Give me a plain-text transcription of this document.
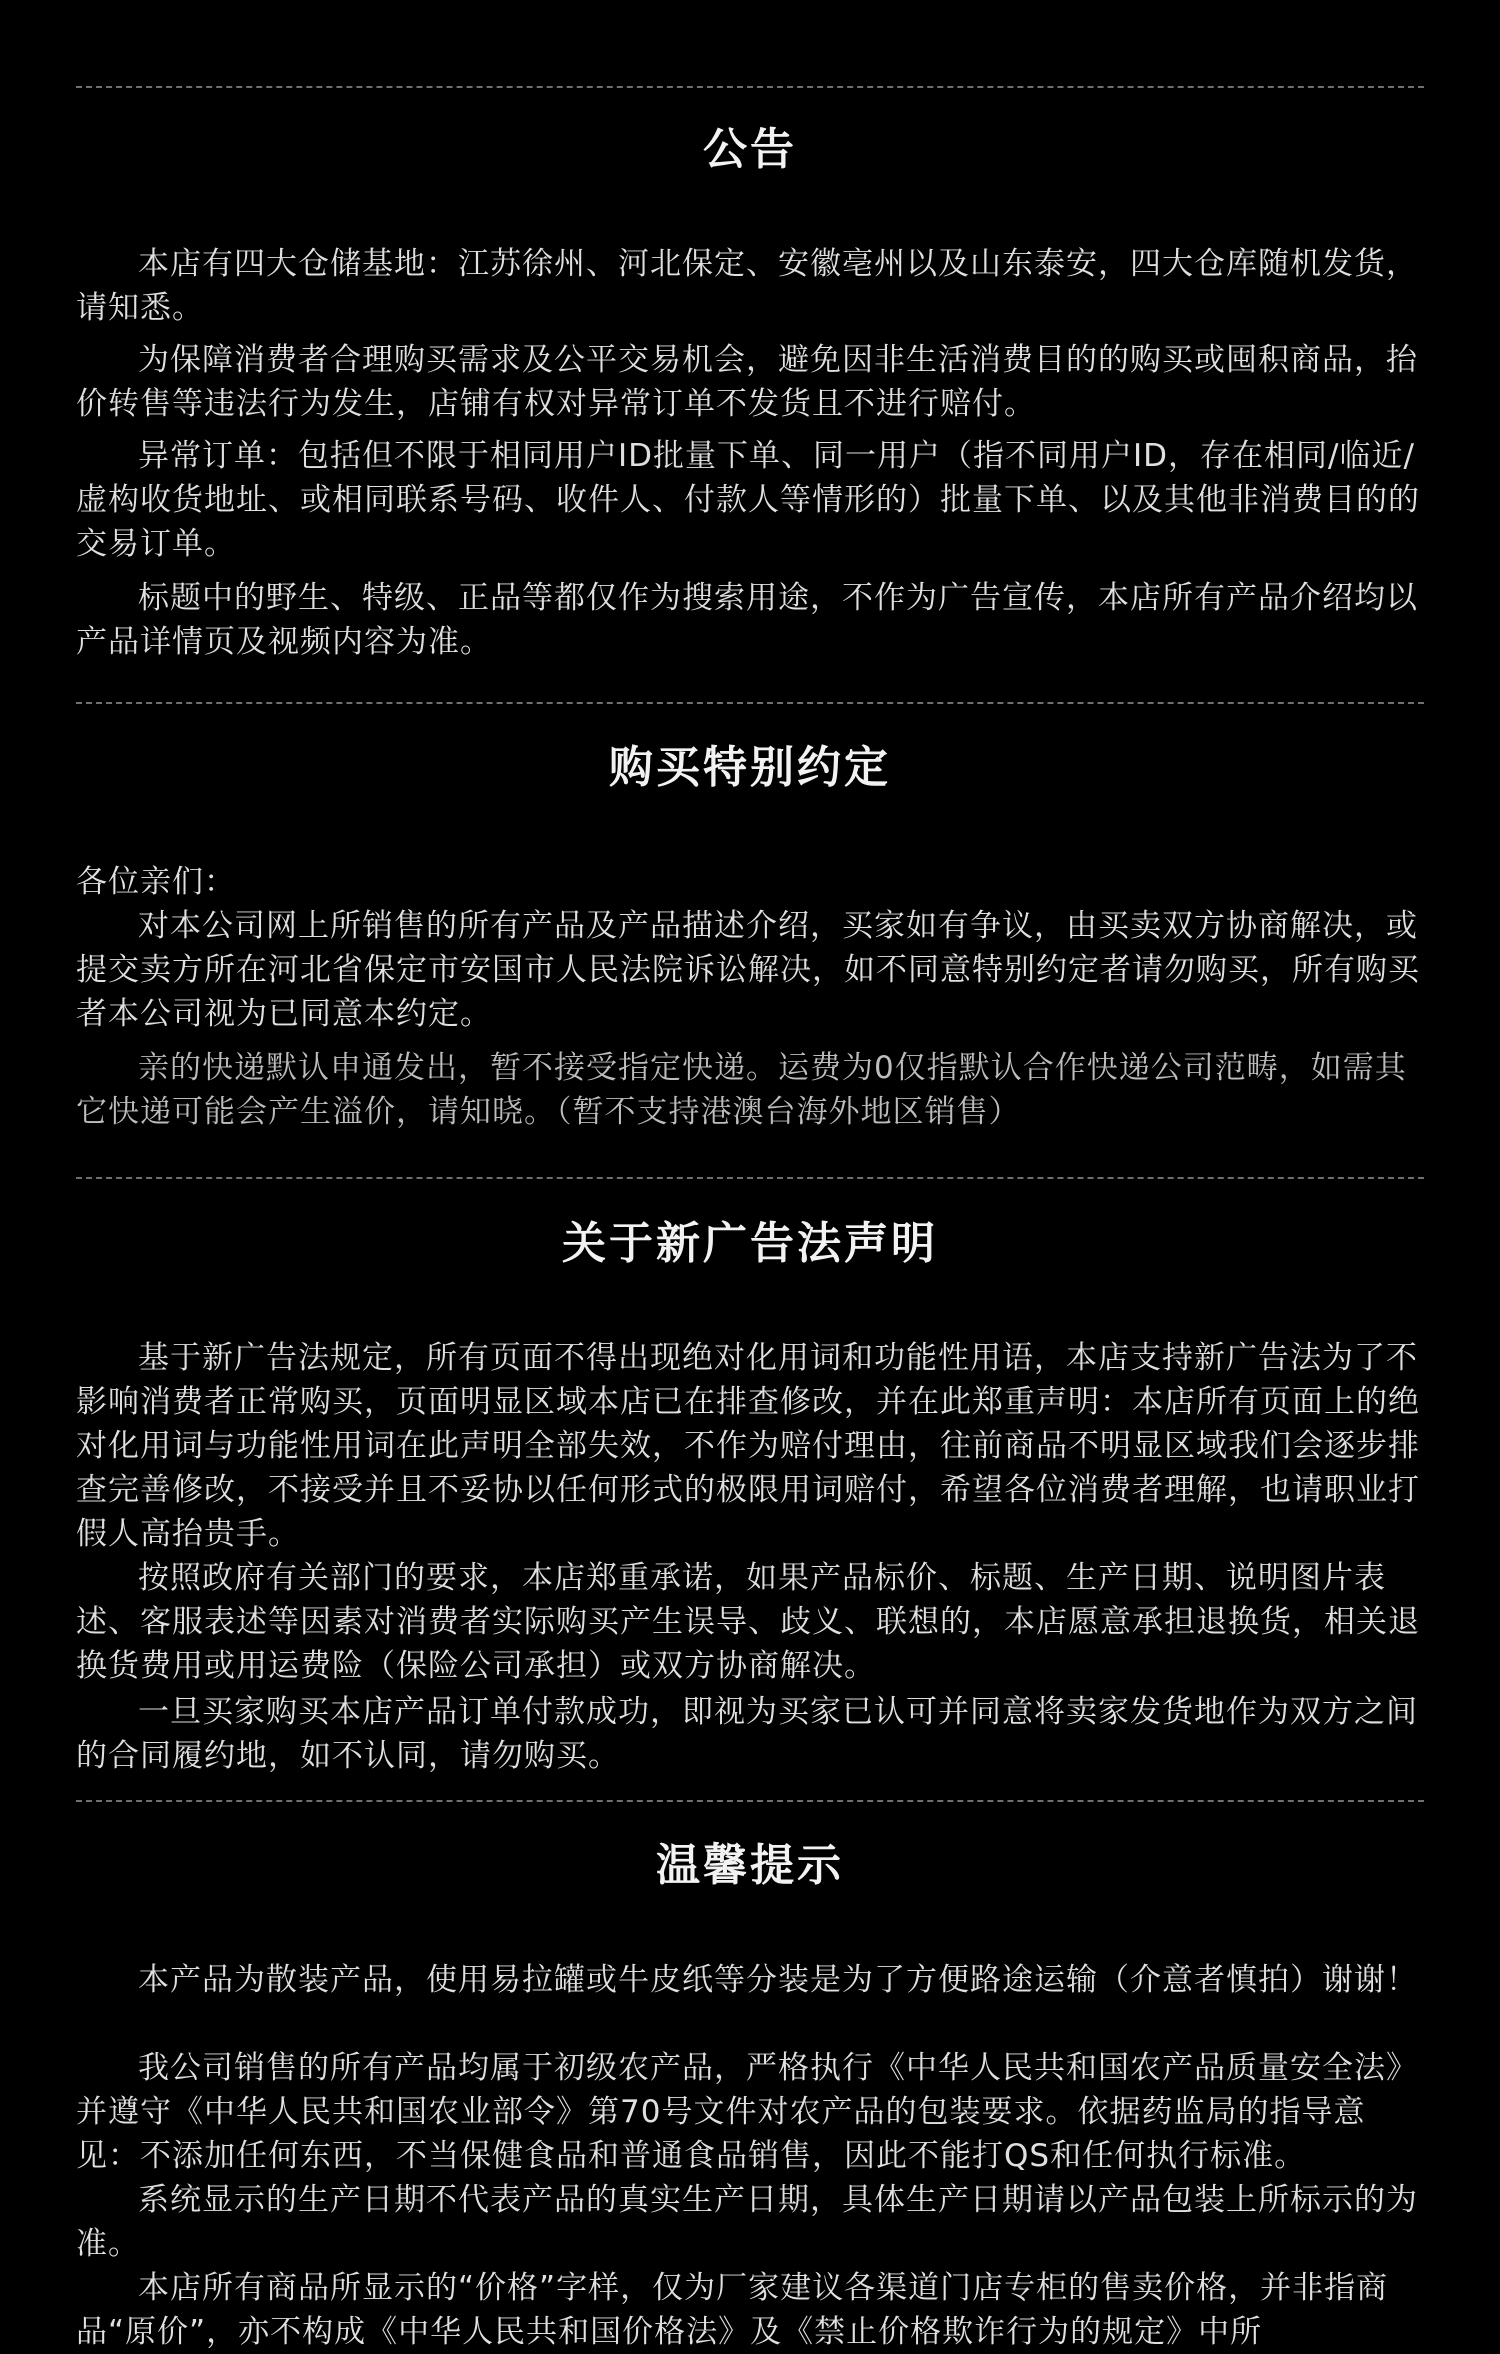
公告

本店有四大仓储基地：江苏徐州、河北保定、安徽亳州以及山东泰安，四大仓库随机发货，请知悉。

为保障消费者合理购买需求及公平交易机会，避免因非生活消费目的的购买或囤积商品，抬价转售等违法行为发生，店铺有权对异常订单不发货且不进行赔付。

异常订单：包括但不限于相同用户ID批量下单、同一用户（指不同用户ID，存在相同/临近/虚构收货地址、或相同联系号码、收件人、付款人等情形的）批量下单、以及其他非消费目的的交易订单。

标题中的野生、特级、正品等都仅作为搜索用途，不作为广告宣传，本店所有产品介绍均以产品详情页及视频内容为准。

购买特别约定

各位亲们：

对本公司网上所销售的所有产品及产品描述介绍，买家如有争议，由买卖双方协商解决，或提交卖方所在河北省保定市安国市人民法院诉讼解决，如不同意特别约定者请勿购买，所有购买者本公司视为已同意本约定。

亲的快递默认申通发出，暂不接受指定快递。运费为0仅指默认合作快递公司范畴，如需其它快递可能会产生溢价，请知晓。（暂不支持港澳台海外地区销售）

关于新广告法声明

基于新广告法规定，所有页面不得出现绝对化用词和功能性用语，本店支持新广告法为了不影响消费者正常购买，页面明显区域本店已在排查修改，并在此郑重声明：本店所有页面上的绝对化用词与功能性用词在此声明全部失效，不作为赔付理由，往前商品不明显区域我们会逐步排查完善修改，不接受并且不妥协以任何形式的极限用词赔付，希望各位消费者理解，也请职业打假人高抬贵手。

按照政府有关部门的要求，本店郑重承诺，如果产品标价、标题、生产日期、说明图片表述、客服表述等因素对消费者实际购买产生误导、歧义、联想的，本店愿意承担退换货，相关退换货费用或用运费险（保险公司承担）或双方协商解决。

一旦买家购买本店产品订单付款成功，即视为买家已认可并同意将卖家发货地作为双方之间的合同履约地，如不认同，请勿购买。

温馨提示

本产品为散装产品，使用易拉罐或牛皮纸等分装是为了方便路途运输（介意者慎拍）谢谢！

我公司销售的所有产品均属于初级农产品，严格执行《中华人民共和国农产品质量安全法》并遵守《中华人民共和国农业部令》第70号文件对农产品的包装要求。依据药监局的指导意见：不添加任何东西，不当保健食品和普通食品销售，因此不能打QS和任何执行标准。

系统显示的生产日期不代表产品的真实生产日期，具体生产日期请以产品包装上所标示的为准。

本店所有商品所显示的“价格”字样，仅为厂家建议各渠道门店专柜的售卖价格，并非指商品“原价”，亦不构成《中华人民共和国价格法》及《禁止价格欺诈行为的规定》中所
